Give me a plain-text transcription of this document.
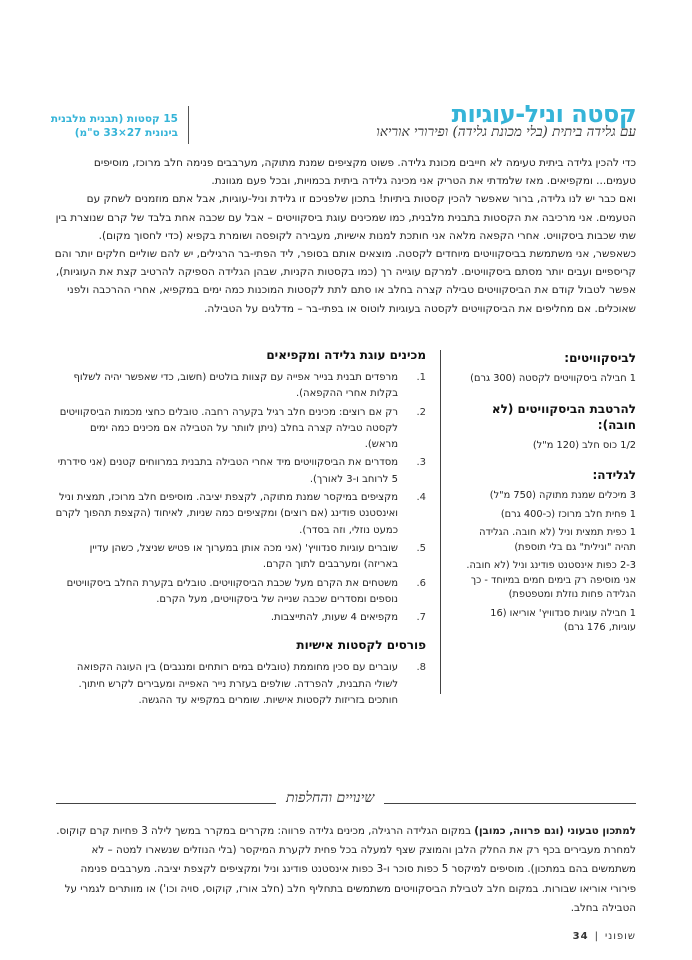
קסטה וניל-עוגיות
עם גלידה ביתית (בלי מכונת גלידה) ופירורי אוריאו
15 קסטות (תבנית מלבנית
בינונית 27×33 ס"מ)

כדי להכין גלידה ביתית טעימה לא חייבים מכונת גלידה. פשוט מקציפים שמנת מתוקה, מערבבים פנימה חלב מרוכז, מוסיפים טעמים... ומקפיאים. מאז שלמדתי את הטריק אני מכינה גלידה ביתית בכמויות, ובכל פעם מגוונת.

ואם כבר יש לנו גלידה, ברור שאפשר להכין קסטות ביתיות! בתכון שלפניכם זו גלידת וניל-עוגיות, אבל אתם מוזמנים לשחק עם הטעמים. אני מרכיבה את הקסטות בתבנית מלבנית, כמו שמכינים עוגת ביסקוויטים – אבל עם שכבה אחת בלבד של קרם שנוצרת בין שתי שכבות ביסקוויט. אחרי הקפאה מלאה אני חותכת למנות אישיות, מעבירה לקופסה ושומרת בקפיא (כדי לחסוך מקום).

כשאפשר, אני משתמשת בביסקוויטים מיוחדים לקסטה. מוצאים אותם בסופר, ליד הפתי-בר הרגילים, יש להם שוליים חלקים יותר והם קריספיים ועבים יותר מסתם ביסקוויטים. למרקם עוגייה רך (כמו בקסטות הקניות, שבהן הגלידה הספיקה להרטיב קצת את העוגיות), אפשר לטבול קודם את הביסקוויטים טבילה קצרה בחלב או סתם לתת לקסטות המוכנות כמה ימים במקפיא, אחרי ההרכבה ולפני שאוכלים. אם מחליפים את הביסקוויטים לקסטה בעוגיות לוטוס או בפתי-בר – מדלגים על הטבילה.

לביסקוויטים:
1 חבילה ביסקוויטים לקסטה (300 גרם)
להרטבת הביסקוויטים (לא חובה):
1/2 כוס חלב (120 מ"ל)
לגלידה:
3 מיכלים שמנת מתוקה (750 מ"ל)
1 פחית חלב מרוכז (כ-400 גרם)
1 כפית תמצית וניל (לא חובה. הגלידה תהיה "ונילית" גם בלי תוספת)
2-3 כפות אינסטנט פודינג וניל (לא חובה. אני מוסיפה רק בימים חמים במיוחד - כך הגלידה פחות נוזלת ומטפטפת)
1 חבילה עוגיות סנדוויץ' אוריאו (16 עוגיות, 176 גרם)
מכינים עוגת גלידה ומקפיאים
1.
מרפדים תבנית בנייר אפייה עם קצוות בולטים (חשוב, כדי שאפשר יהיה לשלוף בקלות אחרי ההקפאה).
2.
רק אם רוצים: מכינים חלב רגיל בקערה רחבה. טובלים כחצי מכמות הביסקוויטים לקסטה טבילה קצרה בחלב (ניתן לוותר על הטבילה אם מכינים כמה ימים מראש).
3.
מסדרים את הביסקוויטים מיד אחרי הטבילה בתבנית במרווחים קטנים (אני סידרתי 5 לרוחב ו-3 לאורך).
4.
מקציפים במיקסר שמנת מתוקה, לקצפת יציבה. מוסיפים חלב מרוכז, תמצית וניל ואינסטנט פודינג (אם רוצים) ומקציפים כמה שניות, לאיחוד (הקצפת תהפוך לקרם כמעט נוזלי, וזה בסדר).
5.
שוברים עוגיות סנדוויץ' (אני מכה אותן במערוך או פטיש שניצל, כשהן עדיין באריזה) ומערבבים לתוך הקרם.
6.
משטחים את הקרם מעל שכבת הביסקוויטים. טובלים בקערת החלב ביסקוויטים נוספים ומסדרים שכבה שנייה של ביסקוויטים, מעל הקרם.
7.
מקפיאים 4 שעות, להתייצבות.
פורסים לקסטות אישיות
8.
עוברים עם סכין מחוממת (טובלים במים רותחים ומנגבים) בין העוגה הקפואה לשולי התבנית, להפרדה. שולפים בעזרת נייר האפייה ומעבירים לקרש חיתוך. חותכים בזריזות לקסטות אישיות. שומרים במקפיא עד ההגשה.
שינויים והחלפות
למתכון טבעוני (וגם פרווה, כמובן) במקום הגלידה הרגילה, מכינים גלידה פרווה: מקררים במקרר במשך לילה 3 פחיות קרם קוקוס. למחרת מעבירים בכף רק את החלק הלבן והמוצק שצף למעלה בכל פחית לקערת המיקסר (בלי הנוזלים שנשארו למטה – לא משתמשים בהם במתכון). מוסיפים למיקסר 5 כפות סוכר ו-3 כפות אינסטנט פודינג וניל ומקציפים לקצפת יציבה. מערבבים פנימה פירורי אוריאו שבורות. במקום חלב לטבילת הביסקוויטים משתמשים בתחליף חלב (חלב אורז, קוקוס, סויה וכו') או מוותרים לגמרי על הטבילה בחלב.
שופוני|34
